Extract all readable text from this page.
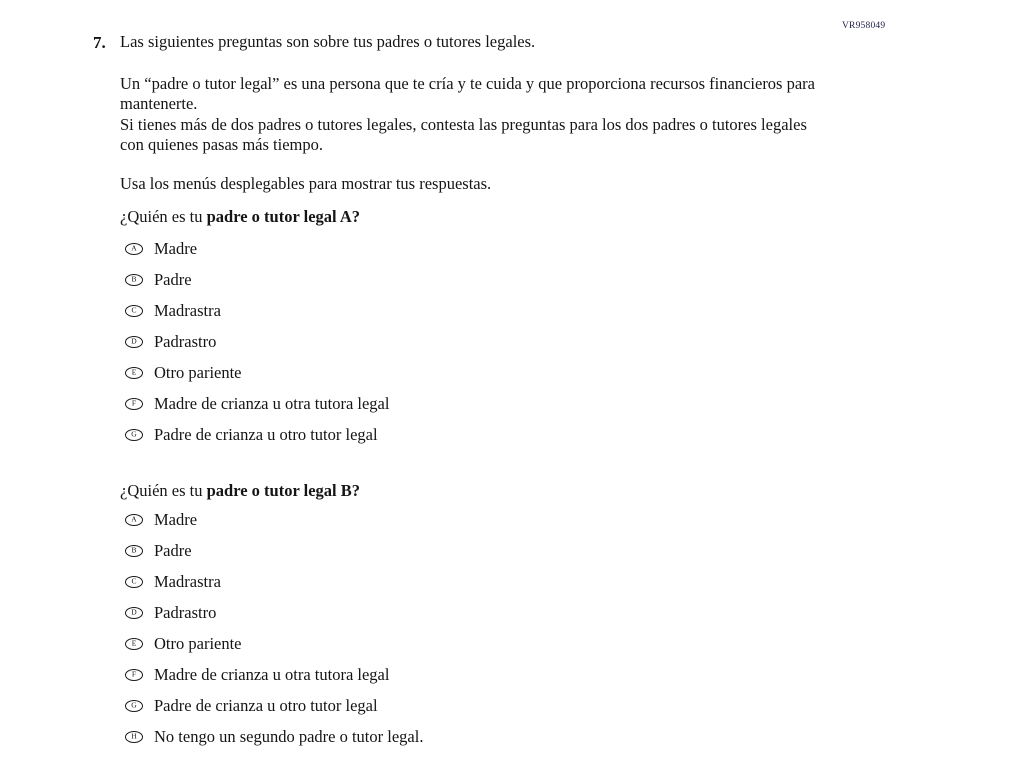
VR958049
7. Las siguientes preguntas son sobre tus padres o tutores legales.

Un “padre o tutor legal” es una persona que te cría y te cuida y que proporciona recursos financieros para mantenerte.

Si tienes más de dos padres o tutores legales, contesta las preguntas para los dos padres o tutores legales con quienes pasas más tiempo.

Usa los menús desplegables para mostrar tus respuestas.

¿Quién es tu padre o tutor legal A?

A Madre
B Padre
C Madrastra
D Padrastro
E Otro pariente
F Madre de crianza u otra tutora legal
G Padre de crianza u otro tutor legal

¿Quién es tu padre o tutor legal B?

A Madre
B Padre
C Madrastra
D Padrastro
E Otro pariente
F Madre de crianza u otra tutora legal
G Padre de crianza u otro tutor legal
H No tengo un segundo padre o tutor legal.
